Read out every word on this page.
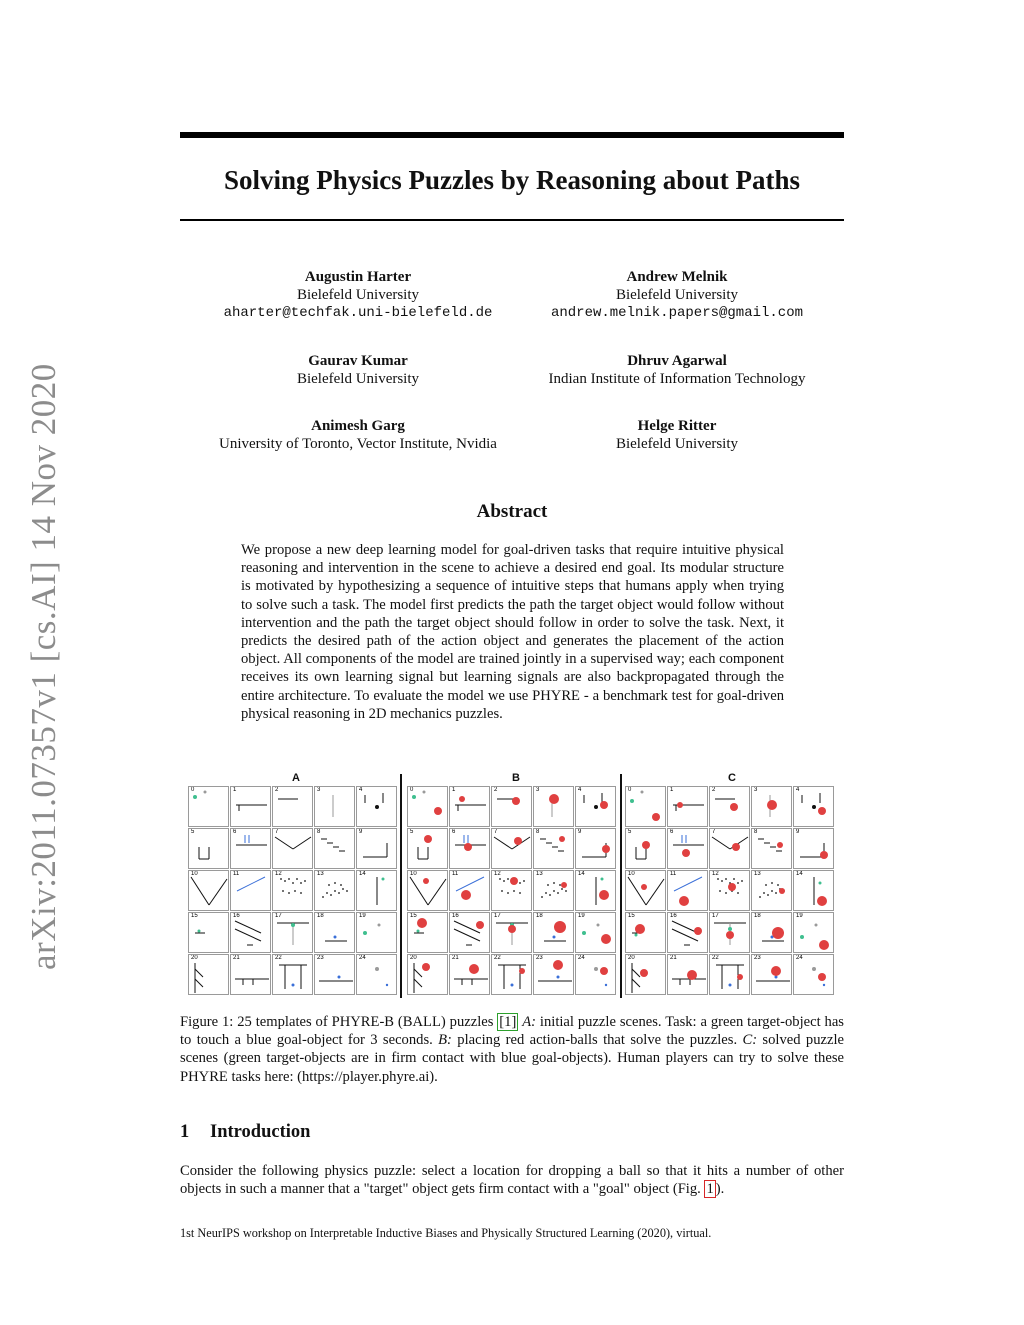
arXiv:2011.07357v1 [cs.AI] 14 Nov 2020
Solving Physics Puzzles by Reasoning about Paths
Augustin Harter
Bielefeld University
aharter@techfak.uni-bielefeld.de
Andrew Melnik
Bielefeld University
andrew.melnik.papers@gmail.com
Gaurav Kumar
Bielefeld University
Dhruv Agarwal
Indian Institute of Information Technology
Animesh Garg
University of Toronto, Vector Institute, Nvidia
Helge Ritter
Bielefeld University
Abstract
We propose a new deep learning model for goal-driven tasks that require intuitive physical reasoning and intervention in the scene to achieve a desired end goal. Its modular structure is motivated by hypothesizing a sequence of intuitive steps that humans apply when trying to solve such a task. The model first predicts the path the target object would follow without intervention and the path the target object should follow in order to solve the task. Next, it predicts the desired path of the action object and generates the placement of the action object. All components of the model are trained jointly in a supervised way; each component receives its own learning signal but learning signals are also backpropagated through the entire architecture. To evaluate the model we use PHYRE - a benchmark test for goal-driven physical reasoning in 2D mechanics puzzles.
A	B	C
0	1	2	3	4
5	6	7	8	9
10	11	12	13	14
15	16	17	18	19
20	21	22	23	24
0	1	2	3	4
5	6	7	8	9
10	11	12	13	14
15	16	17	18	19
20	21	22	23	24
0	1	2	3	4
5	6	7	8	9
10	11	12	13	14
15	16	17	18	19
20	21	22	23	24
Figure 1: 25 templates of PHYRE-B (BALL) puzzles [1] A: initial puzzle scenes. Task: a green target-object has to touch a blue goal-object for 3 seconds. B: placing red action-balls that solve the puzzles. C: solved puzzle scenes (green target-objects are in firm contact with blue goal-objects). Human players can try to solve these PHYRE tasks here: (https://player.phyre.ai).
1 Introduction
Consider the following physics puzzle: select a location for dropping a ball so that it hits a number of other objects in such a manner that a "target" object gets firm contact with a "goal" object (Fig. 1 ).
1st NeurIPS workshop on Interpretable Inductive Biases and Physically Structured Learning (2020), virtual.
